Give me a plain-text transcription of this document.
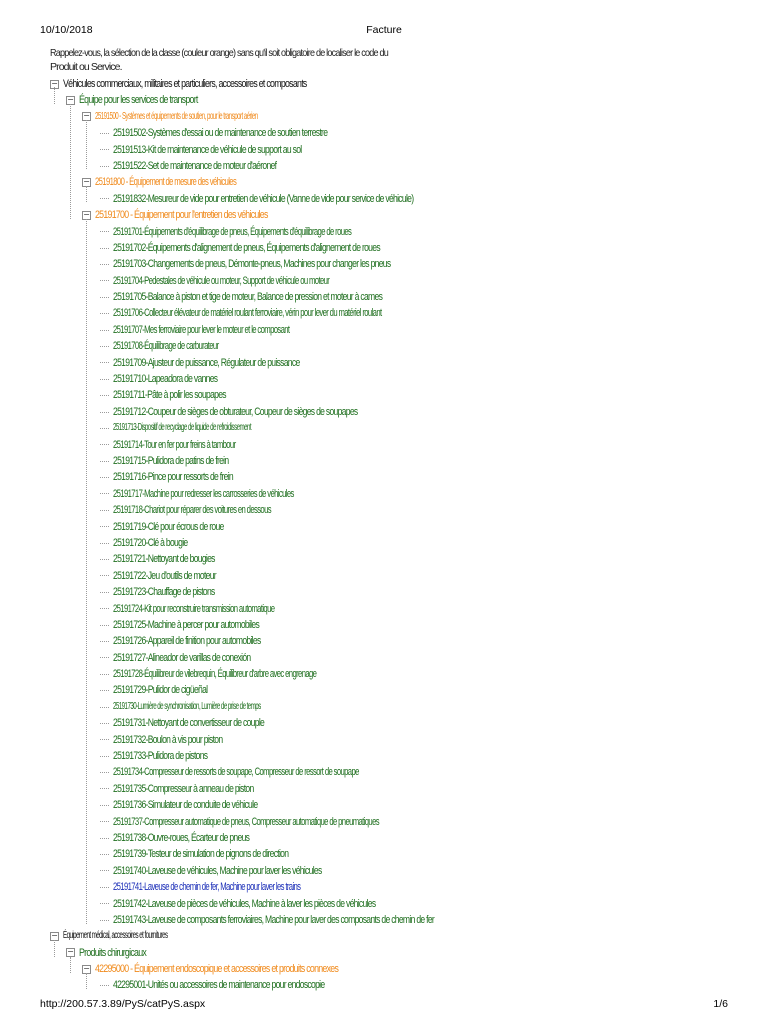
10/10/2018	Facture
Rappelez-vous, la sélection de la classe (couleur orange) sans qu'il soit obligatoire de localiser le code du
Produit ou Service.
− Véhicules commerciaux, militaires et particuliers, accessoires et composants
− Équipe pour les services de transport
− 25191500 - Systèmes et équipements de soutien, pour le transport aérien
25191502-Systèmes d'essai ou de maintenance de soutien terrestre
25191513-Kit de maintenance de véhicule de support au sol
25191522-Set de maintenance de moteur d'aéronef
− 25191800 - Équipement de mesure des véhicules
25191832-Mesureur de vide pour entretien de véhicule (Vanne de vide pour service de véhicule)
− 25191700 - Équipement pour l'entretien des véhicules
25191701-Équipements d'équilibrage de pneus, Équipements d'équilibrage de roues
25191702-Équipements d'alignement de pneus, Équipements d'alignement de roues
25191703-Changements de pneus, Démonte-pneus, Machines pour changer les pneus
25191704-Pedestales de véhicule ou moteur, Support de véhicule ou moteur
25191705-Balance à piston et tige de moteur, Balance de pression et moteur à cames
25191706-Collecteur élévateur de matériel roulant ferroviaire, vérin pour lever du matériel roulant
25191707-Mes ferroviaire pour lever le moteur et le composant
25191708-Équilibrage de carburateur
25191709-Ajusteur de puissance, Régulateur de puissance
25191710-Lapeadora de vannes
25191711-Pâte à polir les soupapes
25191712-Coupeur de sièges de obturateur, Coupeur de sièges de soupapes
25191713-Dispositif de recyclage de liquide de refroidissement
25191714-Tour en fer pour freins à tambour
25191715-Pulidora de patins de frein
25191716-Pince pour ressorts de frein
25191717-Machine pour redresser les carrosseries de véhicules
25191718-Chariot pour réparer des voitures en dessous
25191719-Clé pour écrous de roue
25191720-Clé à bougie
25191721-Nettoyant de bougies
25191722-Jeu d'outils de moteur
25191723-Chauffage de pistons
25191724-Kit pour reconstruire transmission automatique
25191725-Machine à percer pour automobiles
25191726-Appareil de finition pour automobiles
25191727-Alineador de varillas de conexión
25191728-Équilibreur de vilebrequin, Équilibreur d'arbre avec engrenage
25191729-Pulidor de cigüeñal
25191730-Lumière de synchronisation, Lumière de prise de temps
25191731-Nettoyant de convertisseur de couple
25191732-Boulon à vis pour piston
25191733-Pulidora de pistons
25191734-Compresseur de ressorts de soupape, Compresseur de ressort de soupape
25191735-Compresseur à anneau de piston
25191736-Simulateur de conduite de véhicule
25191737-Compresseur automatique de pneus, Compresseur automatique de pneumatiques
25191738-Ouvre-roues, Écarteur de pneus
25191739-Testeur de simulation de pignons de direction
25191740-Laveuse de véhicules, Machine pour laver les véhicules
25191741-Laveuse de chemin de fer, Machine pour laver les trains
25191742-Laveuse de pièces de véhicules, Machine à laver les pièces de véhicules
25191743-Laveuse de composants ferroviaires, Machine pour laver des composants de chemin de fer
− Équipement médical, accessoires et fournitures
− Produits chirurgicaux
− 42295000 - Équipement endoscopique et accessoires et produits connexes
42295001-Unités ou accessoires de maintenance pour endoscopie
http://200.57.3.89/PyS/catPyS.aspx	1/6
